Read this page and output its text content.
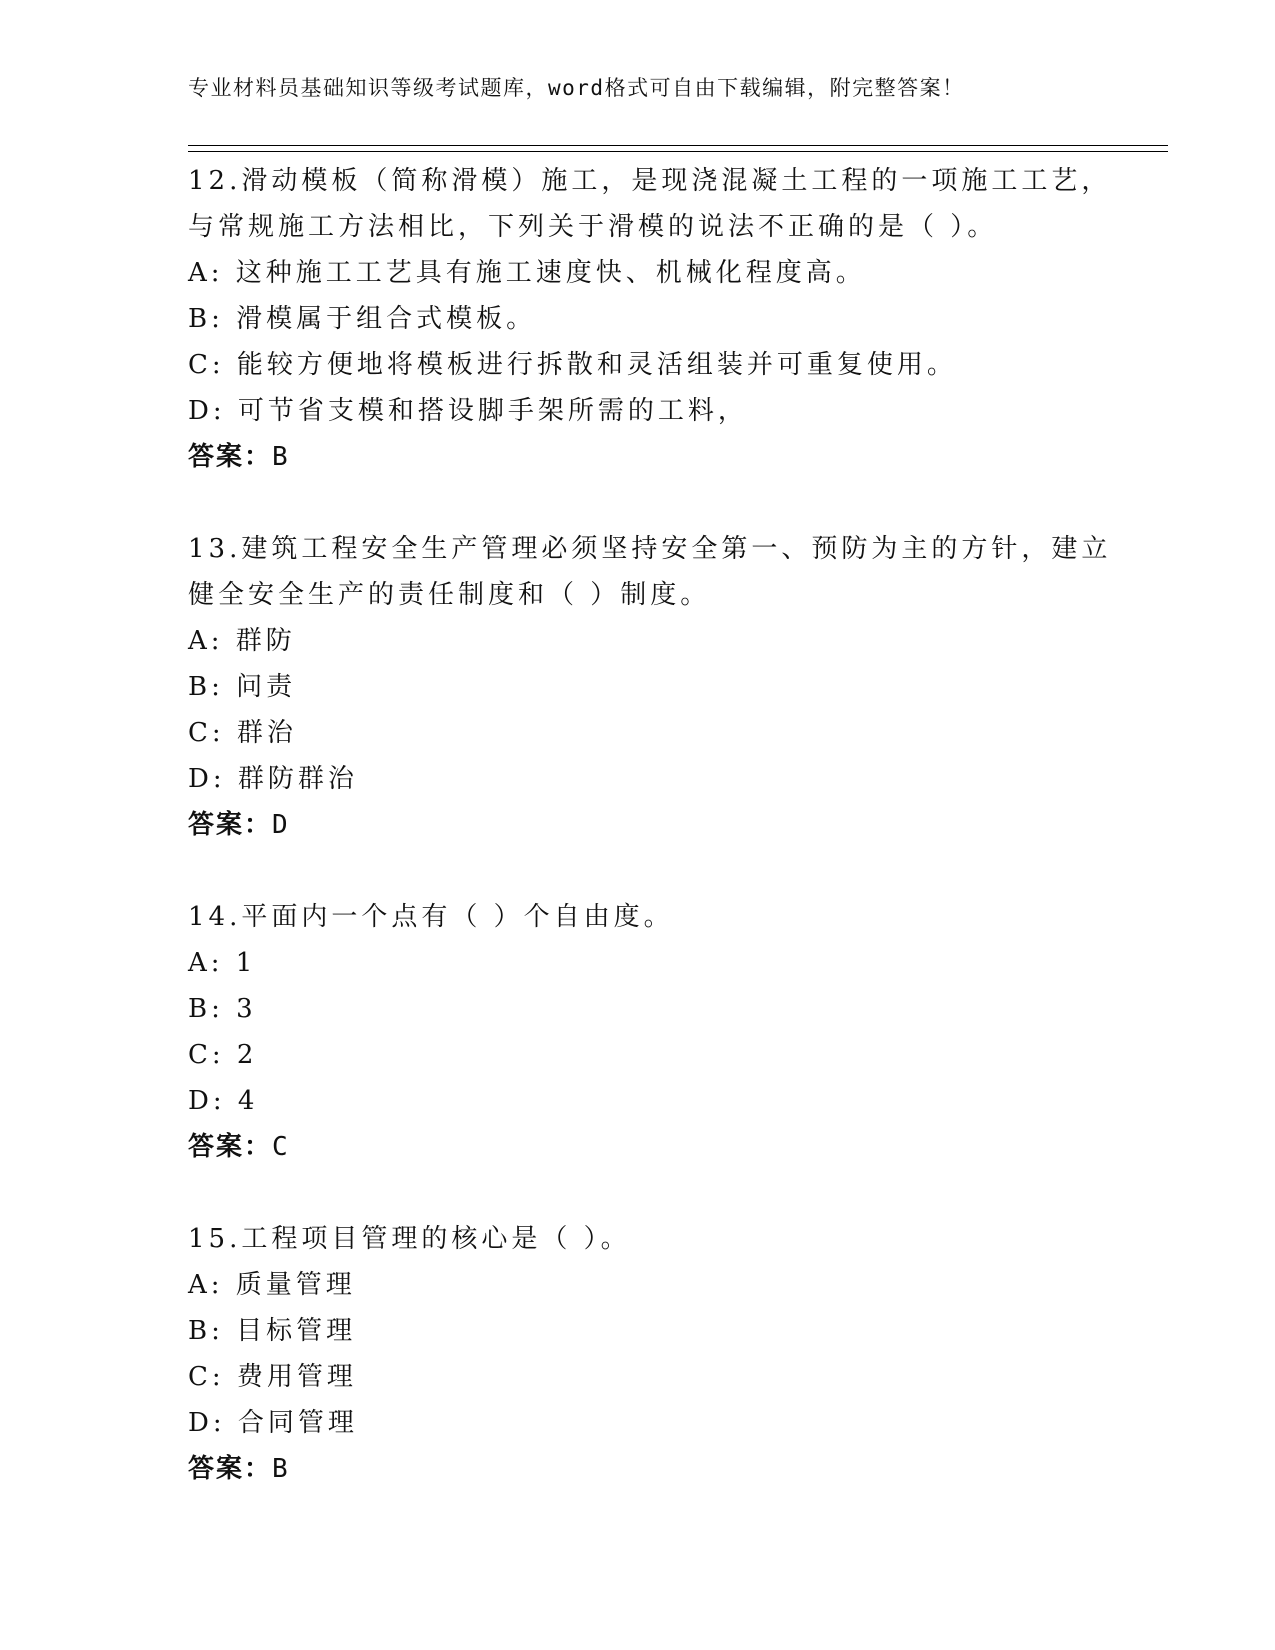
专业材料员基础知识等级考试题库，word格式可自由下载编辑，附完整答案！
12.滑动模板（简称滑模）施工，是现浇混凝土工程的一项施工工艺，
与常规施工方法相比，下列关于滑模的说法不正确的是（ ）。
A: 这种施工工艺具有施工速度快、机械化程度高。
B: 滑模属于组合式模板。
C: 能较方便地将模板进行拆散和灵活组装并可重复使用。
D: 可节省支模和搭设脚手架所需的工料，
答案：B
13.建筑工程安全生产管理必须坚持安全第一、预防为主的方针，建立
健全安全生产的责任制度和（ ）制度。
A: 群防
B: 问责
C: 群治
D: 群防群治
答案：D
14.平面内一个点有（ ）个自由度。
A: 1
B: 3
C: 2
D: 4
答案：C
15.工程项目管理的核心是（ ）。
A: 质量管理
B: 目标管理
C: 费用管理
D: 合同管理
答案：B
